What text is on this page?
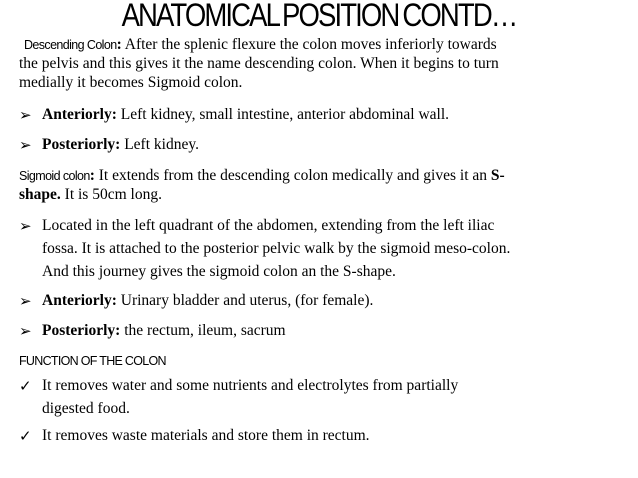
ANATOMICAL POSITION CONTD…
Descending Colon: After the splenic flexure the colon moves inferiorly towards
the pelvis and this gives it the name descending colon. When it begins to turn
medially it becomes Sigmoid colon.
➢ Anteriorly: Left kidney, small intestine, anterior abdominal wall.
➢ Posteriorly: Left kidney.
Sigmoid colon: It extends from the descending colon medically and gives it an S-
shape. It is 50cm long.
➢ Located in the left quadrant of the abdomen, extending from the left iliac
fossa. It is attached to the posterior pelvic walk by the sigmoid meso-colon.
And this journey gives the sigmoid colon an the S-shape.
➢ Anteriorly: Urinary bladder and uterus, (for female).
➢ Posteriorly: the rectum, ileum, sacrum
FUNCTION OF THE COLON
✓ It removes water and some nutrients and electrolytes from partially
digested food.
✓ It removes waste materials and store them in rectum.
